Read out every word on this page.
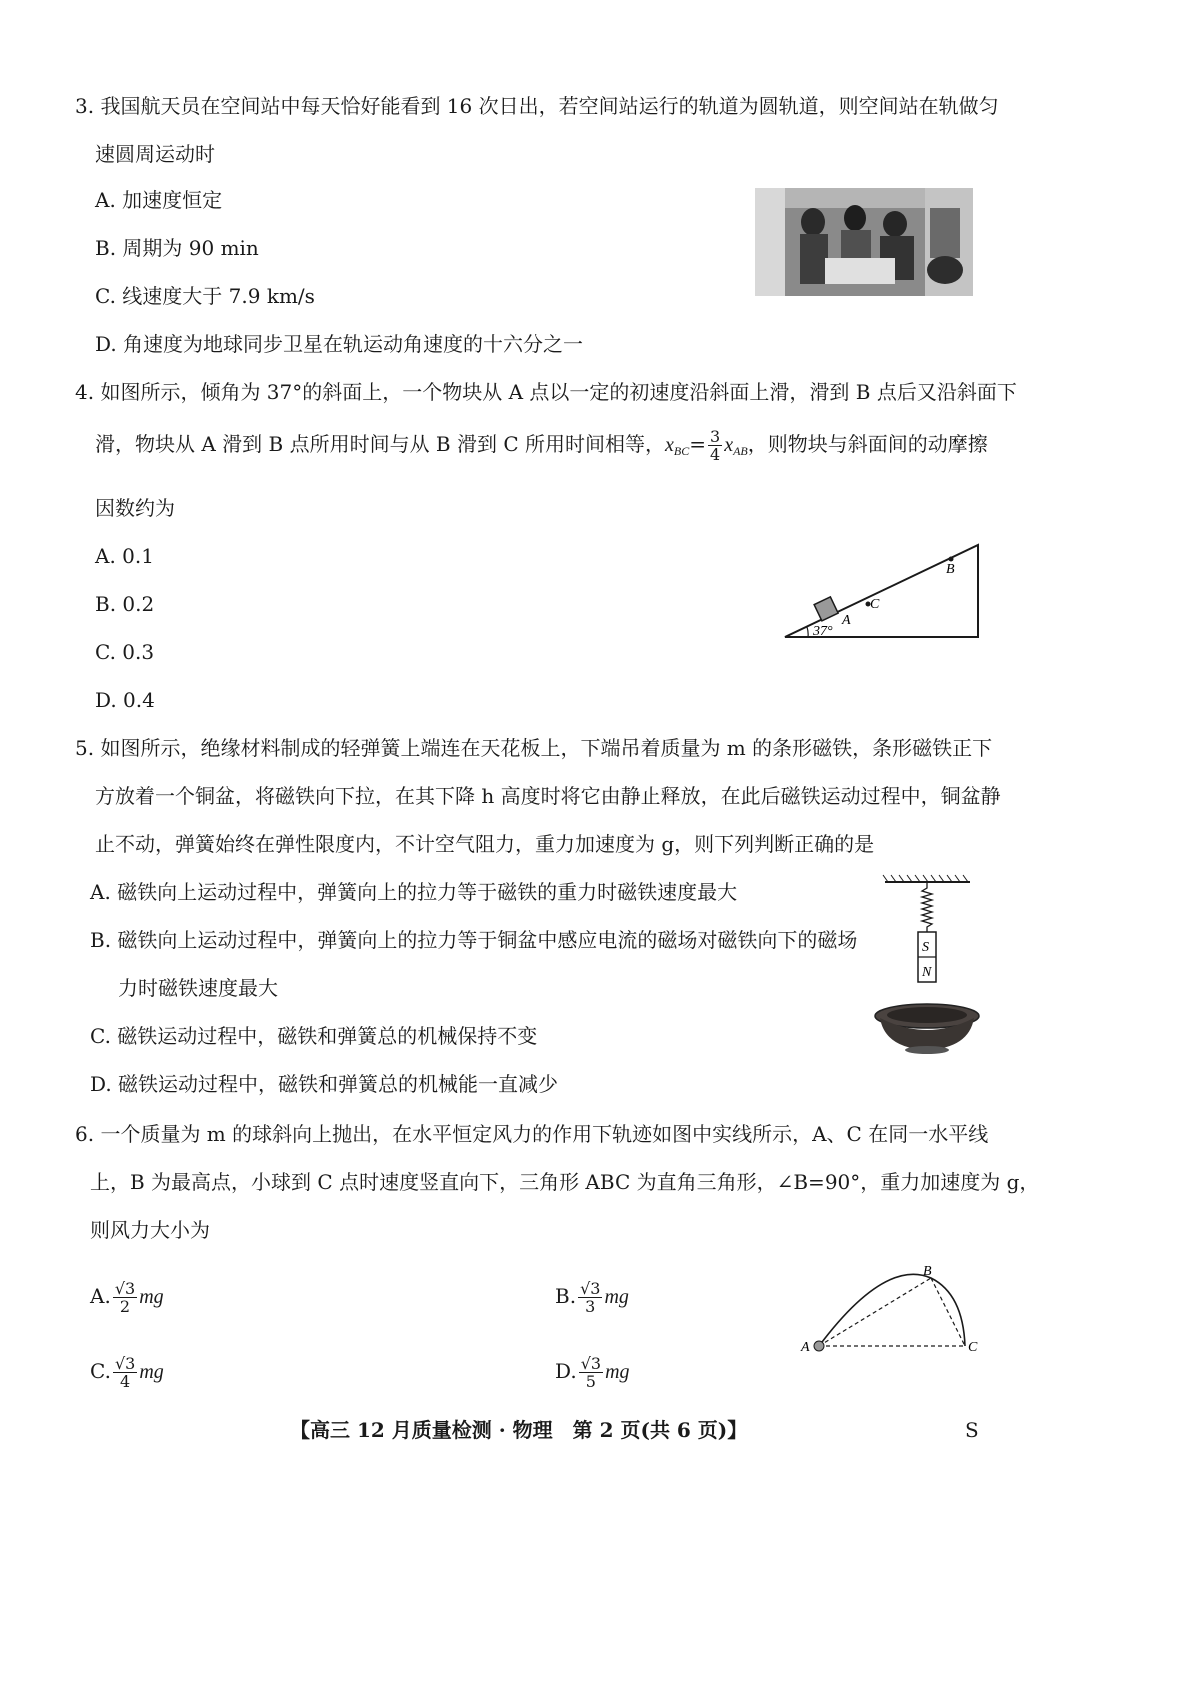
3. 我国航天员在空间站中每天恰好能看到 16 次日出，若空间站运行的轨道为圆轨道，则空间站在轨做匀
速圆周运动时
A. 加速度恒定
B. 周期为 90 min
C. 线速度大于 7.9 km/s
D. 角速度为地球同步卫星在轨运动角速度的十六分之一
4. 如图所示，倾角为 37°的斜面上，一个物块从 A 点以一定的初速度沿斜面上滑，滑到 B 点后又沿斜面下
滑，物块从 A 滑到 B 点所用时间与从 B 滑到 C 所用时间相等，$x_{BC}= \frac{3}{4} x_{AB}$，则物块与斜面间的动摩擦
因数约为
A. 0.1
B. 0.2
C. 0.3
D. 0.4
37°
A
C
B
5. 如图所示，绝缘材料制成的轻弹簧上端连在天花板上，下端吊着质量为 m 的条形磁铁，条形磁铁正下
方放着一个铜盆，将磁铁向下拉，在其下降 h 高度时将它由静止释放，在此后磁铁运动过程中，铜盆静
止不动，弹簧始终在弹性限度内，不计空气阻力，重力加速度为 g，则下列判断正确的是
A. 磁铁向上运动过程中，弹簧向上的拉力等于磁铁的重力时磁铁速度最大
B. 磁铁向上运动过程中，弹簧向上的拉力等于铜盆中感应电流的磁场对磁铁向下的磁场
力时磁铁速度最大
C. 磁铁运动过程中，磁铁和弹簧总的机械保持不变
D. 磁铁运动过程中，磁铁和弹簧总的机械能一直减少
S
N
6. 一个质量为 m 的球斜向上抛出，在水平恒定风力的作用下轨迹如图中实线所示，A、C 在同一水平线
上，B 为最高点，小球到 C 点时速度竖直向下，三角形 ABC 为直角三角形，∠B=90°，重力加速度为 g，
则风力大小为
A. $\frac{√3}{2}$ mg	B. $\frac{√3}{3}$ mg
C. $\frac{√3}{4}$ mg	D. $\frac{√3}{5}$ mg
A
B
C
【高三 12 月质量检测 · 物理　第 2 页(共 6 页)】	S
